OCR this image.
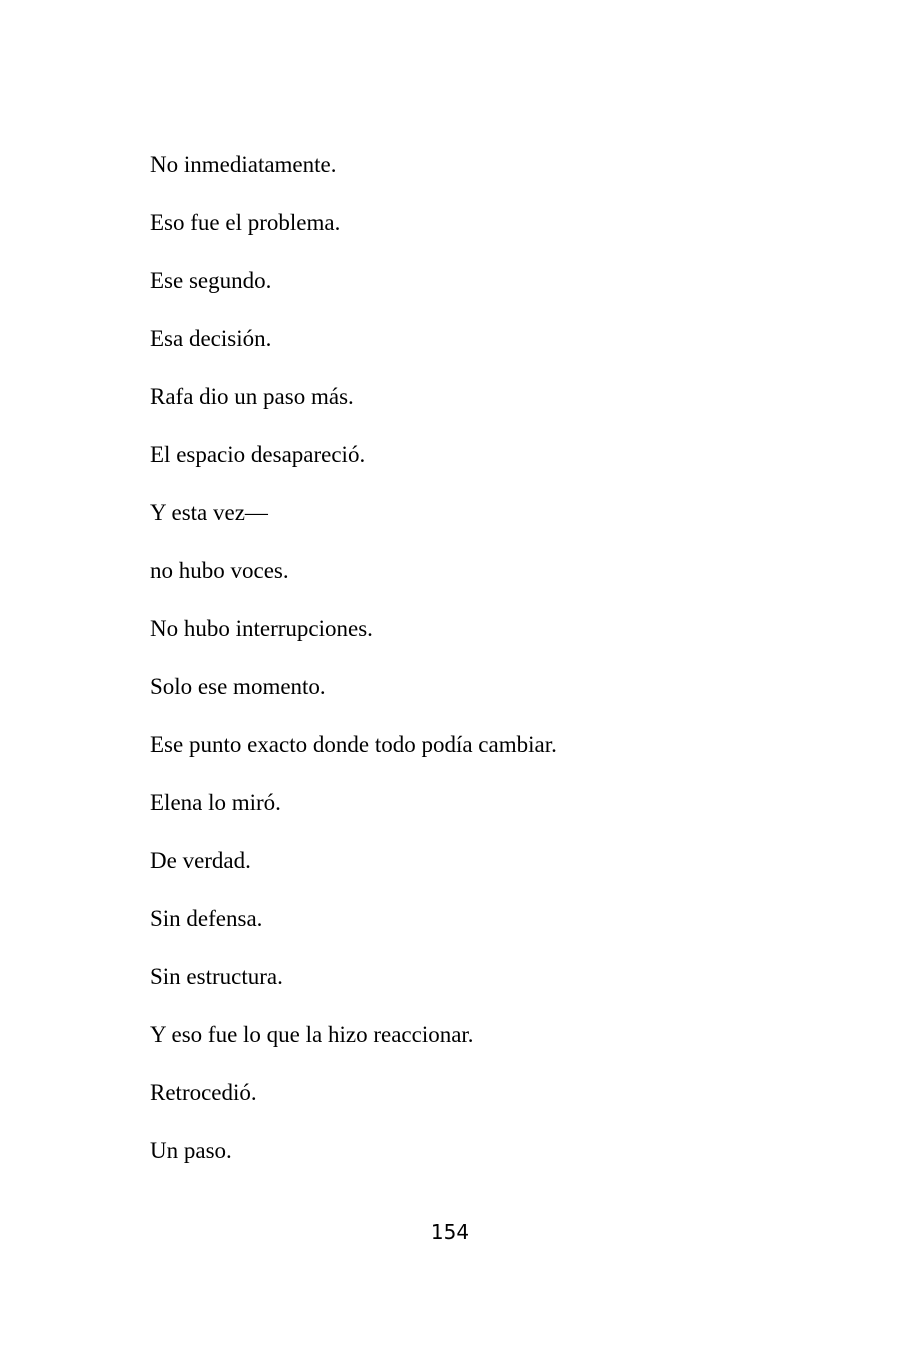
No inmediatamente.

Eso fue el problema.

Ese segundo.

Esa decisión.

Rafa dio un paso más.

El espacio desapareció.

Y esta vez—

no hubo voces.

No hubo interrupciones.

Solo ese momento.

Ese punto exacto donde todo podía cambiar.

Elena lo miró.

De verdad.

Sin defensa.

Sin estructura.

Y eso fue lo que la hizo reaccionar.

Retrocedió.

Un paso.

154
